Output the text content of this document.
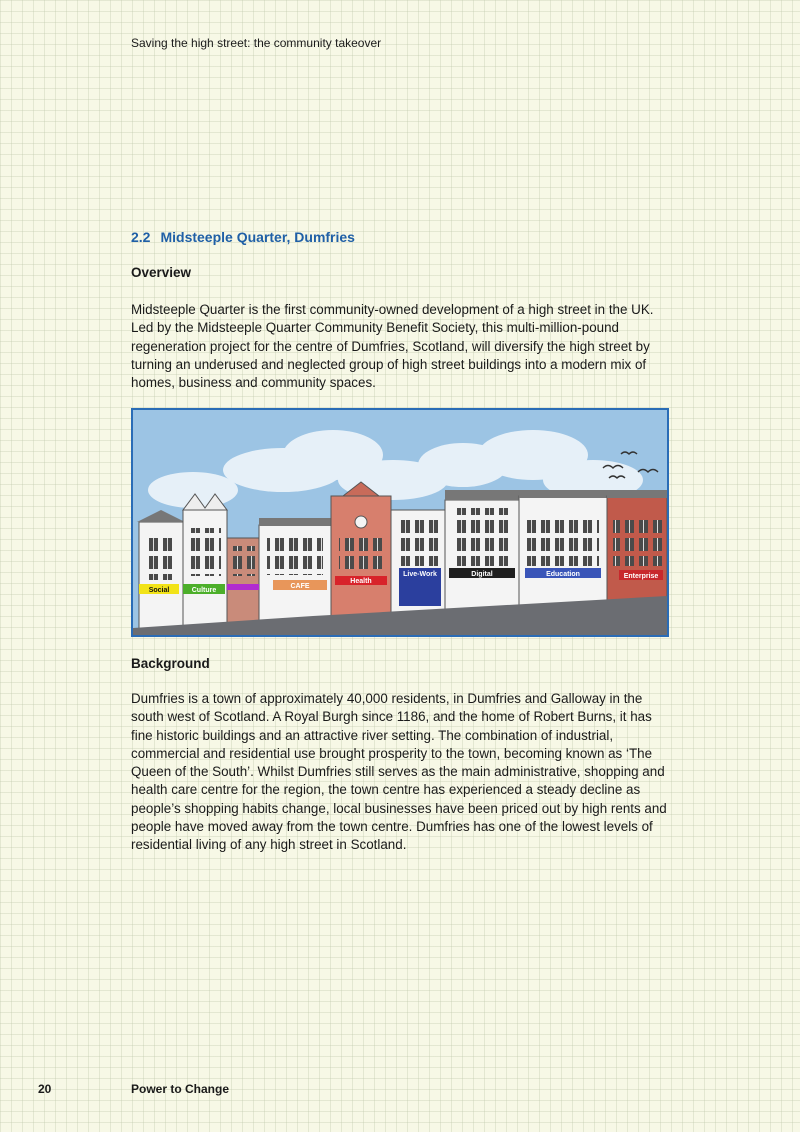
Saving the high street: the community takeover
2.2 Midsteeple Quarter, Dumfries
Overview

Midsteeple Quarter is the first community-owned development of a high street in the UK. Led by the Midsteeple Quarter Community Benefit Society, this multi-million-pound regeneration project for the centre of Dumfries, Scotland, will diversify the high street by turning an underused and neglected group of high street buildings into a modern mix of homes, business and community spaces.

Social	Culture
CAFE
Health
Live-Work	Digital	Education	Enterprise
Background

Dumfries is a town of approximately 40,000 residents, in Dumfries and Galloway in the south west of Scotland. A Royal Burgh since 1186, and the home of Robert Burns, it has fine historic buildings and an attractive river setting. The combination of industrial, commercial and residential use brought prosperity to the town, becoming known as ‘The Queen of the South’. Whilst Dumfries still serves as the main administrative, shopping and health care centre for the region, the town centre has experienced a steady decline as people’s shopping habits change, local businesses have been priced out by high rents and people have moved away from the town centre. Dumfries has one of the lowest levels of residential living of any high street in Scotland.

20	Power to Change
